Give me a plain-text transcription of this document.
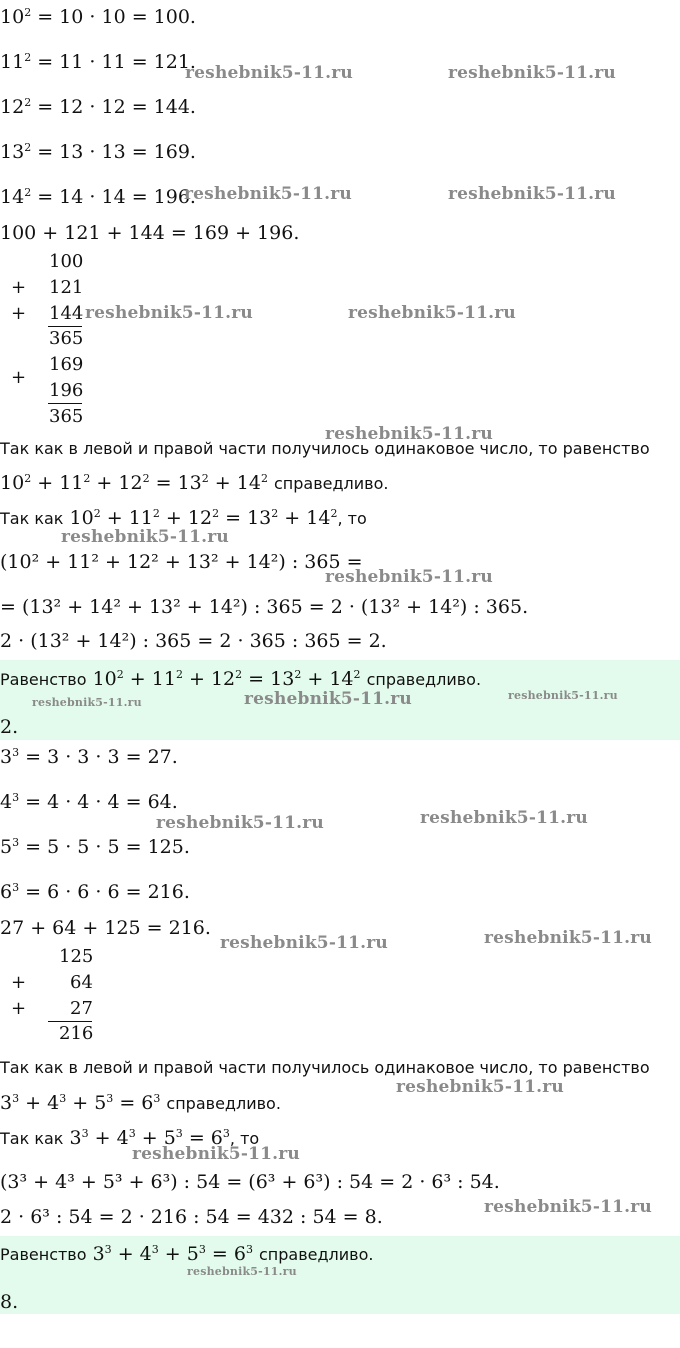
$10^2 = 10 \cdot 10 = 100$.
$11^2 = 11 \cdot 11 = 121$.
$12^2 = 12 \cdot 12 = 144$.
$13^2 = 13 \cdot 13 = 169$.
$14^2 = 14 \cdot 14 = 196$.
100 + 121 + 144 = 169 + 196.
100
+ 121
+ 144
365
169
+
196
365
Так как в левой и правой части получилось одинаковое число, то равенство
$10^2 + 11^2 + 12^2 = 13^2 + 14^2$ справедливо.
Так как $10^2 + 11^2 + 12^2 = 13^2 + 14^2$, то
(10² + 11² + 12² + 13² + 14²) : 365 =
= (13² + 14² + 13² + 14²) : 365 = 2 · (13² + 14²) : 365.
2 · (13² + 14²) : 365 = 2 · 365 : 365 = 2.
Равенство $10^2 + 11^2 + 12^2 = 13^2 + 14^2$ справедливо.
2.
$3^3 = 3 \cdot 3 \cdot 3 = 27$.
$4^3 = 4 \cdot 4 \cdot 4 = 64$.
$5^3 = 5 \cdot 5 \cdot 5 = 125$.
$6^3 = 6 \cdot 6 \cdot 6 = 216$.
27 + 64 + 125 = 216.
125
+ 64
+ 27
216
Так как в левой и правой части получилось одинаковое число, то равенство
$3^3 + 4^3 + 5^3 = 6^3$ справедливо.
Так как $3^3 + 4^3 + 5^3 = 6^3$, то
(3³ + 4³ + 5³ + 6³) : 54 = (6³ + 6³) : 54 = 2 · 6³ : 54.
2 · 6³ : 54 = 2 · 216 : 54 = 432 : 54 = 8.
Равенство $3^3 + 4^3 + 5^3 = 6^3$ справедливо.
8.
reshebnik5-11.ru	reshebnik5-11.ru
reshebnik5-11.ru	reshebnik5-11.ru
reshebnik5-11.ru	reshebnik5-11.ru
reshebnik5-11.ru
reshebnik5-11.ru
reshebnik5-11.ru
reshebnik5-11.ru	reshebnik5-11.ru	reshebnik5-11.ru
reshebnik5-11.ru	reshebnik5-11.ru
reshebnik5-11.ru	reshebnik5-11.ru
reshebnik5-11.ru
reshebnik5-11.ru
reshebnik5-11.ru
reshebnik5-11.ru
